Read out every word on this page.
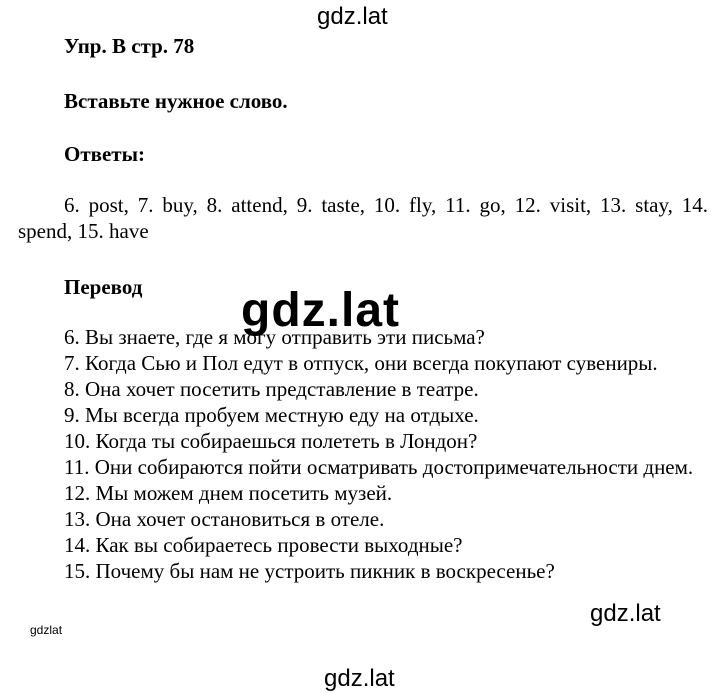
Упр. B стр. 78
Вставьте нужное слово.
Ответы:
6. post, 7. buy, 8. attend, 9. taste, 10. fly, 11. go, 12. visit, 13. stay, 14. spend, 15. have
Перевод

6. Вы знаете, где я могу отправить эти письма?

7. Когда Сью и Пол едут в отпуск, они всегда покупают сувениры.

8. Она хочет посетить представление в театре.

9. Мы всегда пробуем местную еду на отдыхе.

10. Когда ты собираешься полететь в Лондон?

11. Они собираются пойти осматривать достопримечательности днем.

12. Мы можем днем посетить музей.

13. Она хочет остановиться в отеле.

14. Как вы собираетесь провести выходные?

15. Почему бы нам не устроить пикник в воскресенье?

gdz.lat
gdz.lat
gdz.lat
gdzlat
gdz.lat
